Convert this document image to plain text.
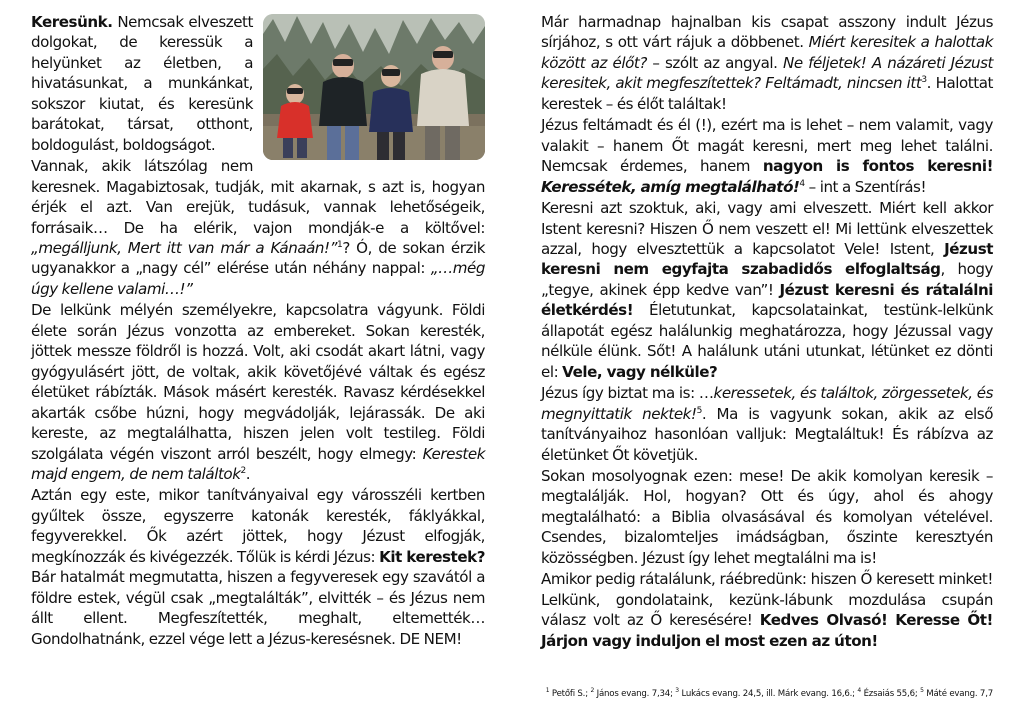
Keresünk. Nemcsak elveszett dolgokat, de keressük a helyünket az életben, a hivatásunkat, a munkánkat, sokszor kiutat, és keresünk barátokat, társat, otthont, boldogulást, boldogságot.

Vannak, akik látszólag nem keresnek. Magabiztosak, tudják, mit akarnak, s azt is, hogyan érjék el azt. Van erejük, tudásuk, vannak lehetőségeik, forrásaik… De ha elérik, vajon mondják-e a költővel: „megálljunk, Mert itt van már a Kánaán!”$^1$? Ó, de sokan érzik ugyanakkor a „nagy cél” elérése után néhány nappal: „…még úgy kellene valami…!”

De lelkünk mélyén személyekre, kapcsolatra vágyunk. Földi élete során Jézus vonzotta az embereket. Sokan keresték, jöttek messze földről is hozzá. Volt, aki csodát akart látni, vagy gyógyulásért jött, de voltak, akik követőjévé váltak és egész életüket rábízták. Mások másért keresték. Ravasz kérdésekkel akarták csőbe húzni, hogy megvádolják, lejárassák. De aki kereste, az megtalálhatta, hiszen jelen volt testileg. Földi szolgálata végén viszont arról beszélt, hogy elmegy: Kerestek majd engem, de nem találtok$^2$.

Aztán egy este, mikor tanítványaival egy városszéli kertben gyűltek össze, egyszerre katonák keresték, fáklyákkal, fegyverekkel. Ők azért jöttek, hogy Jézust elfogják, megkínozzák és kivégezzék. Tőlük is kérdi Jézus: Kit kerestek? Bár hatalmát megmutatta, hiszen a fegyveresek egy szavától a földre estek, végül csak „megtalálták”, elvitték – és Jézus nem állt ellent. Megfeszítették, meghalt, eltemették… Gondolhatnánk, ezzel vége lett a Jézus-keresésnek. DE NEM!

Már harmadnap hajnalban kis csapat asszony indult Jézus sírjához, s ott várt rájuk a döbbenet. Miért keresitek a halottak között az élőt? – szólt az angyal. Ne féljetek! A názáreti Jézust keresitek, akit megfeszítettek? Feltámadt, nincsen itt$^3$. Halottat kerestek – és élőt találtak!

Jézus feltámadt és él (!), ezért ma is lehet – nem valamit, vagy valakit – hanem Őt magát keresni, mert meg lehet találni. Nemcsak érdemes, hanem nagyon is fontos keresni! Keressétek, amíg megtalálható!$^4$ – int a Szentírás!

Keresni azt szoktuk, aki, vagy ami elveszett. Miért kell akkor Istent keresni? Hiszen Ő nem veszett el! Mi lettünk elveszettek azzal, hogy elvesztettük a kapcsolatot Vele! Istent, Jézust keresni nem egyfajta szabadidős elfoglaltság, hogy „tegye, akinek épp kedve van”! Jézust keresni és rátalálni életkérdés! Életutunkat, kapcsolatainkat, testünk-lelkünk állapotát egész halálunkig meghatározza, hogy Jézussal vagy nélküle élünk. Sőt! A halálunk utáni utunkat, létünket ez dönti el: Vele, vagy nélküle?

Jézus így biztat ma is: …keressetek, és találtok, zörgessetek, és megnyittatik nektek!$^5$. Ma is vagyunk sokan, akik az első tanítványaihoz hasonlóan valljuk: Megtaláltuk! És rábízva az életünket Őt követjük.

Sokan mosolyognak ezen: mese! De akik komolyan keresik – megtalálják. Hol, hogyan? Ott és úgy, ahol és ahogy megtalálható: a Biblia olvasásával és komolyan vételével. Csendes, bizalomteljes imádságban, őszinte keresztyén közösségben. Jézust így lehet megtalálni ma is!

Amikor pedig rátalálunk, ráébredünk: hiszen Ő keresett minket! Lelkünk, gondolataink, kezünk-lábunk mozdulása csupán válasz volt az Ő keresésére! Kedves Olvasó! Keresse Őt! Járjon vagy induljon el most ezen az úton!

$^1$ Petőfi S.; $^2$ János evang. 7,34; $^3$ Lukács evang. 24,5, ill. Márk evang. 16,6.; $^4$ Ézsaiás 55,6; $^5$ Máté evang. 7,7
